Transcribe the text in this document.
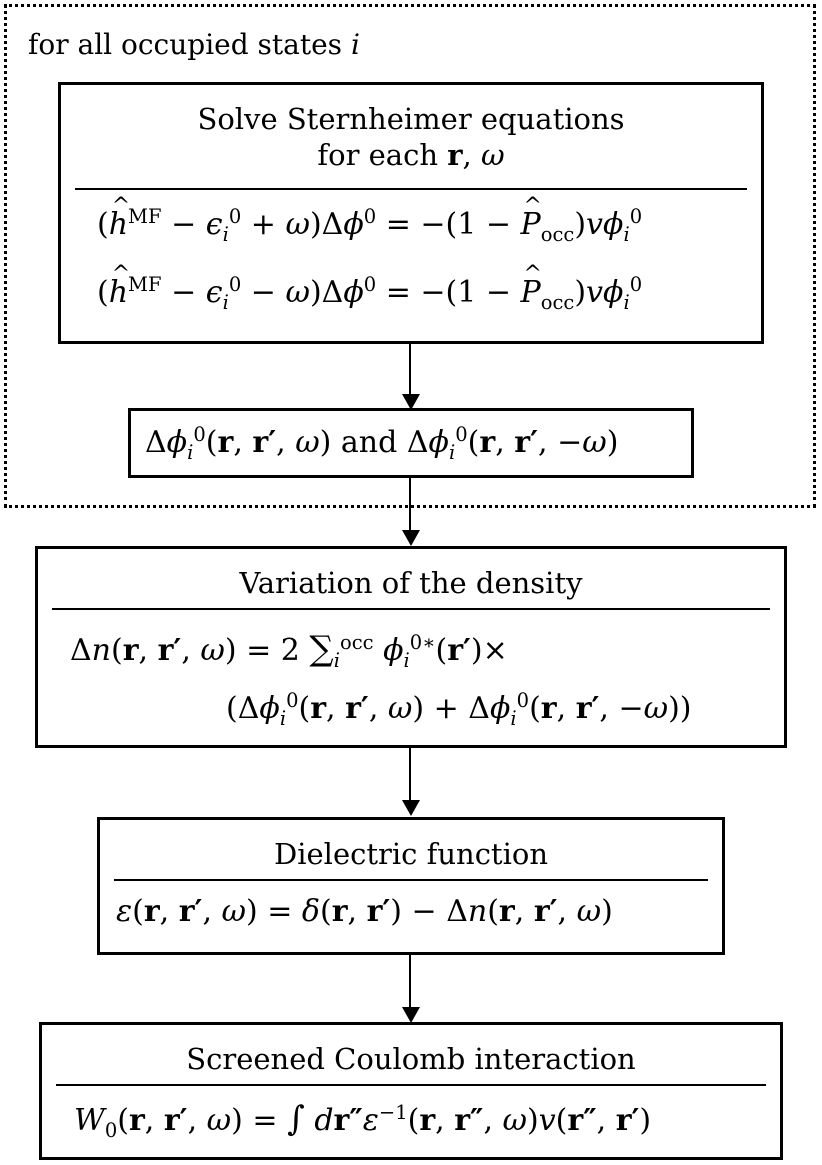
for all occupied states i
Solve Sternheimer equations
for each r, ω
(^ $h^{MF} - \epsilon_i^0 + \omega)\Delta\phi^0 = -(1$ − ^ $P_{occ})v\phi_i^0$
(^ $h^{MF} - \epsilon_i^0 - \omega)\Delta\phi^0 = -(1$ − ^ $P_{occ})v\phi_i^0$
$\Delta\phi_i^0(r$, r′, ω) and $\Delta\phi_i^0(r$, r′, −ω)
Variation of the density
Δn(r, r′, ω) = 2 $\sum_i^{occ}$ $\phi_i^{0∗}(r')\times$
($\Delta\phi_i^0(r$, r′, $\omega) + \Delta\phi_i^0(r$, r′, −ω))
Dielectric function
ε(r, r′, ω) = δ(r, r′) − Δn(r, r′, ω)
Screened Coulomb interaction
$W_0(r$, r′, ω) = ∫ $dr''\varepsilon^{-1}(r$, r″, ω)v(r″, r′)
